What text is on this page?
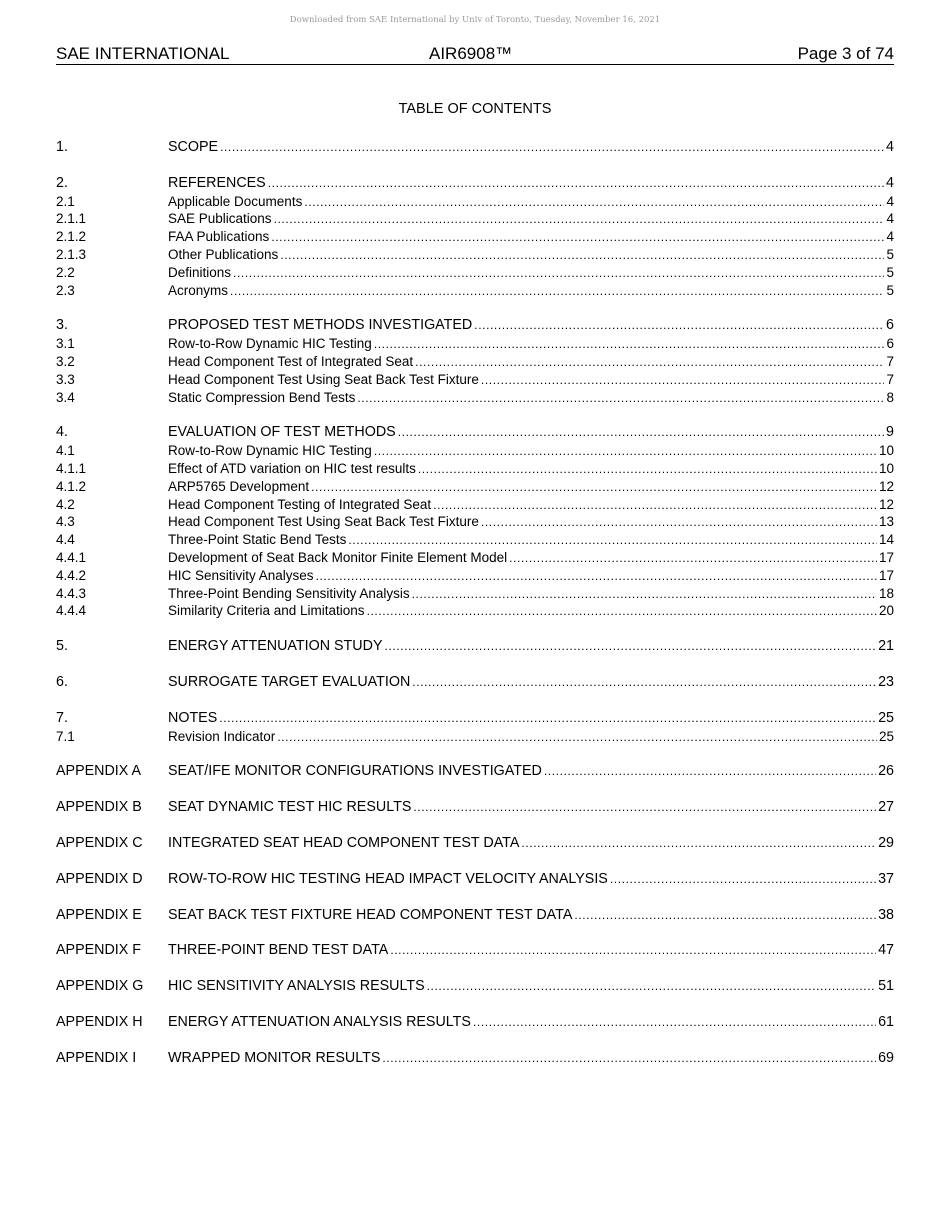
Downloaded from SAE International by Univ of Toronto, Tuesday, November 16, 2021
SAE INTERNATIONAL	AIR6908™	Page 3 of 74
TABLE OF CONTENTS
1.	SCOPE .....	4
2.	REFERENCES .....	4
2.1	Applicable Documents .....	4
2.1.1	SAE Publications .....	4
2.1.2	FAA Publications .....	4
2.1.3	Other Publications .....	5
2.2	Definitions .....	5
2.3	Acronyms .....	5
3.	PROPOSED TEST METHODS INVESTIGATED .....	6
3.1	Row-to-Row Dynamic HIC Testing .....	6
3.2	Head Component Test of Integrated Seat .....	7
3.3	Head Component Test Using Seat Back Test Fixture .....	7
3.4	Static Compression Bend Tests .....	8
4.	EVALUATION OF TEST METHODS .....	9
4.1	Row-to-Row Dynamic HIC Testing .....	10
4.1.1	Effect of ATD variation on HIC test results .....	10
4.1.2	ARP5765 Development .....	12
4.2	Head Component Testing of Integrated Seat .....	12
4.3	Head Component Test Using Seat Back Test Fixture .....	13
4.4	Three-Point Static Bend Tests .....	14
4.4.1	Development of Seat Back Monitor Finite Element Model .....	17
4.4.2	HIC Sensitivity Analyses .....	17
4.4.3	Three-Point Bending Sensitivity Analysis .....	18
4.4.4	Similarity Criteria and Limitations .....	20
5.	ENERGY ATTENUATION STUDY .....	21
6.	SURROGATE TARGET EVALUATION .....	23
7.	NOTES .....	25
7.1	Revision Indicator .....	25
APPENDIX A	SEAT/IFE MONITOR CONFIGURATIONS INVESTIGATED .....	26
APPENDIX B	SEAT DYNAMIC TEST HIC RESULTS .....	27
APPENDIX C	INTEGRATED SEAT HEAD COMPONENT TEST DATA .....	29
APPENDIX D	ROW-TO-ROW HIC TESTING HEAD IMPACT VELOCITY ANALYSIS .....	37
APPENDIX E	SEAT BACK TEST FIXTURE HEAD COMPONENT TEST DATA .....	38
APPENDIX F	THREE-POINT BEND TEST DATA .....	47
APPENDIX G	HIC SENSITIVITY ANALYSIS RESULTS .....	51
APPENDIX H	ENERGY ATTENUATION ANALYSIS RESULTS .....	61
APPENDIX I	WRAPPED MONITOR RESULTS .....	69
